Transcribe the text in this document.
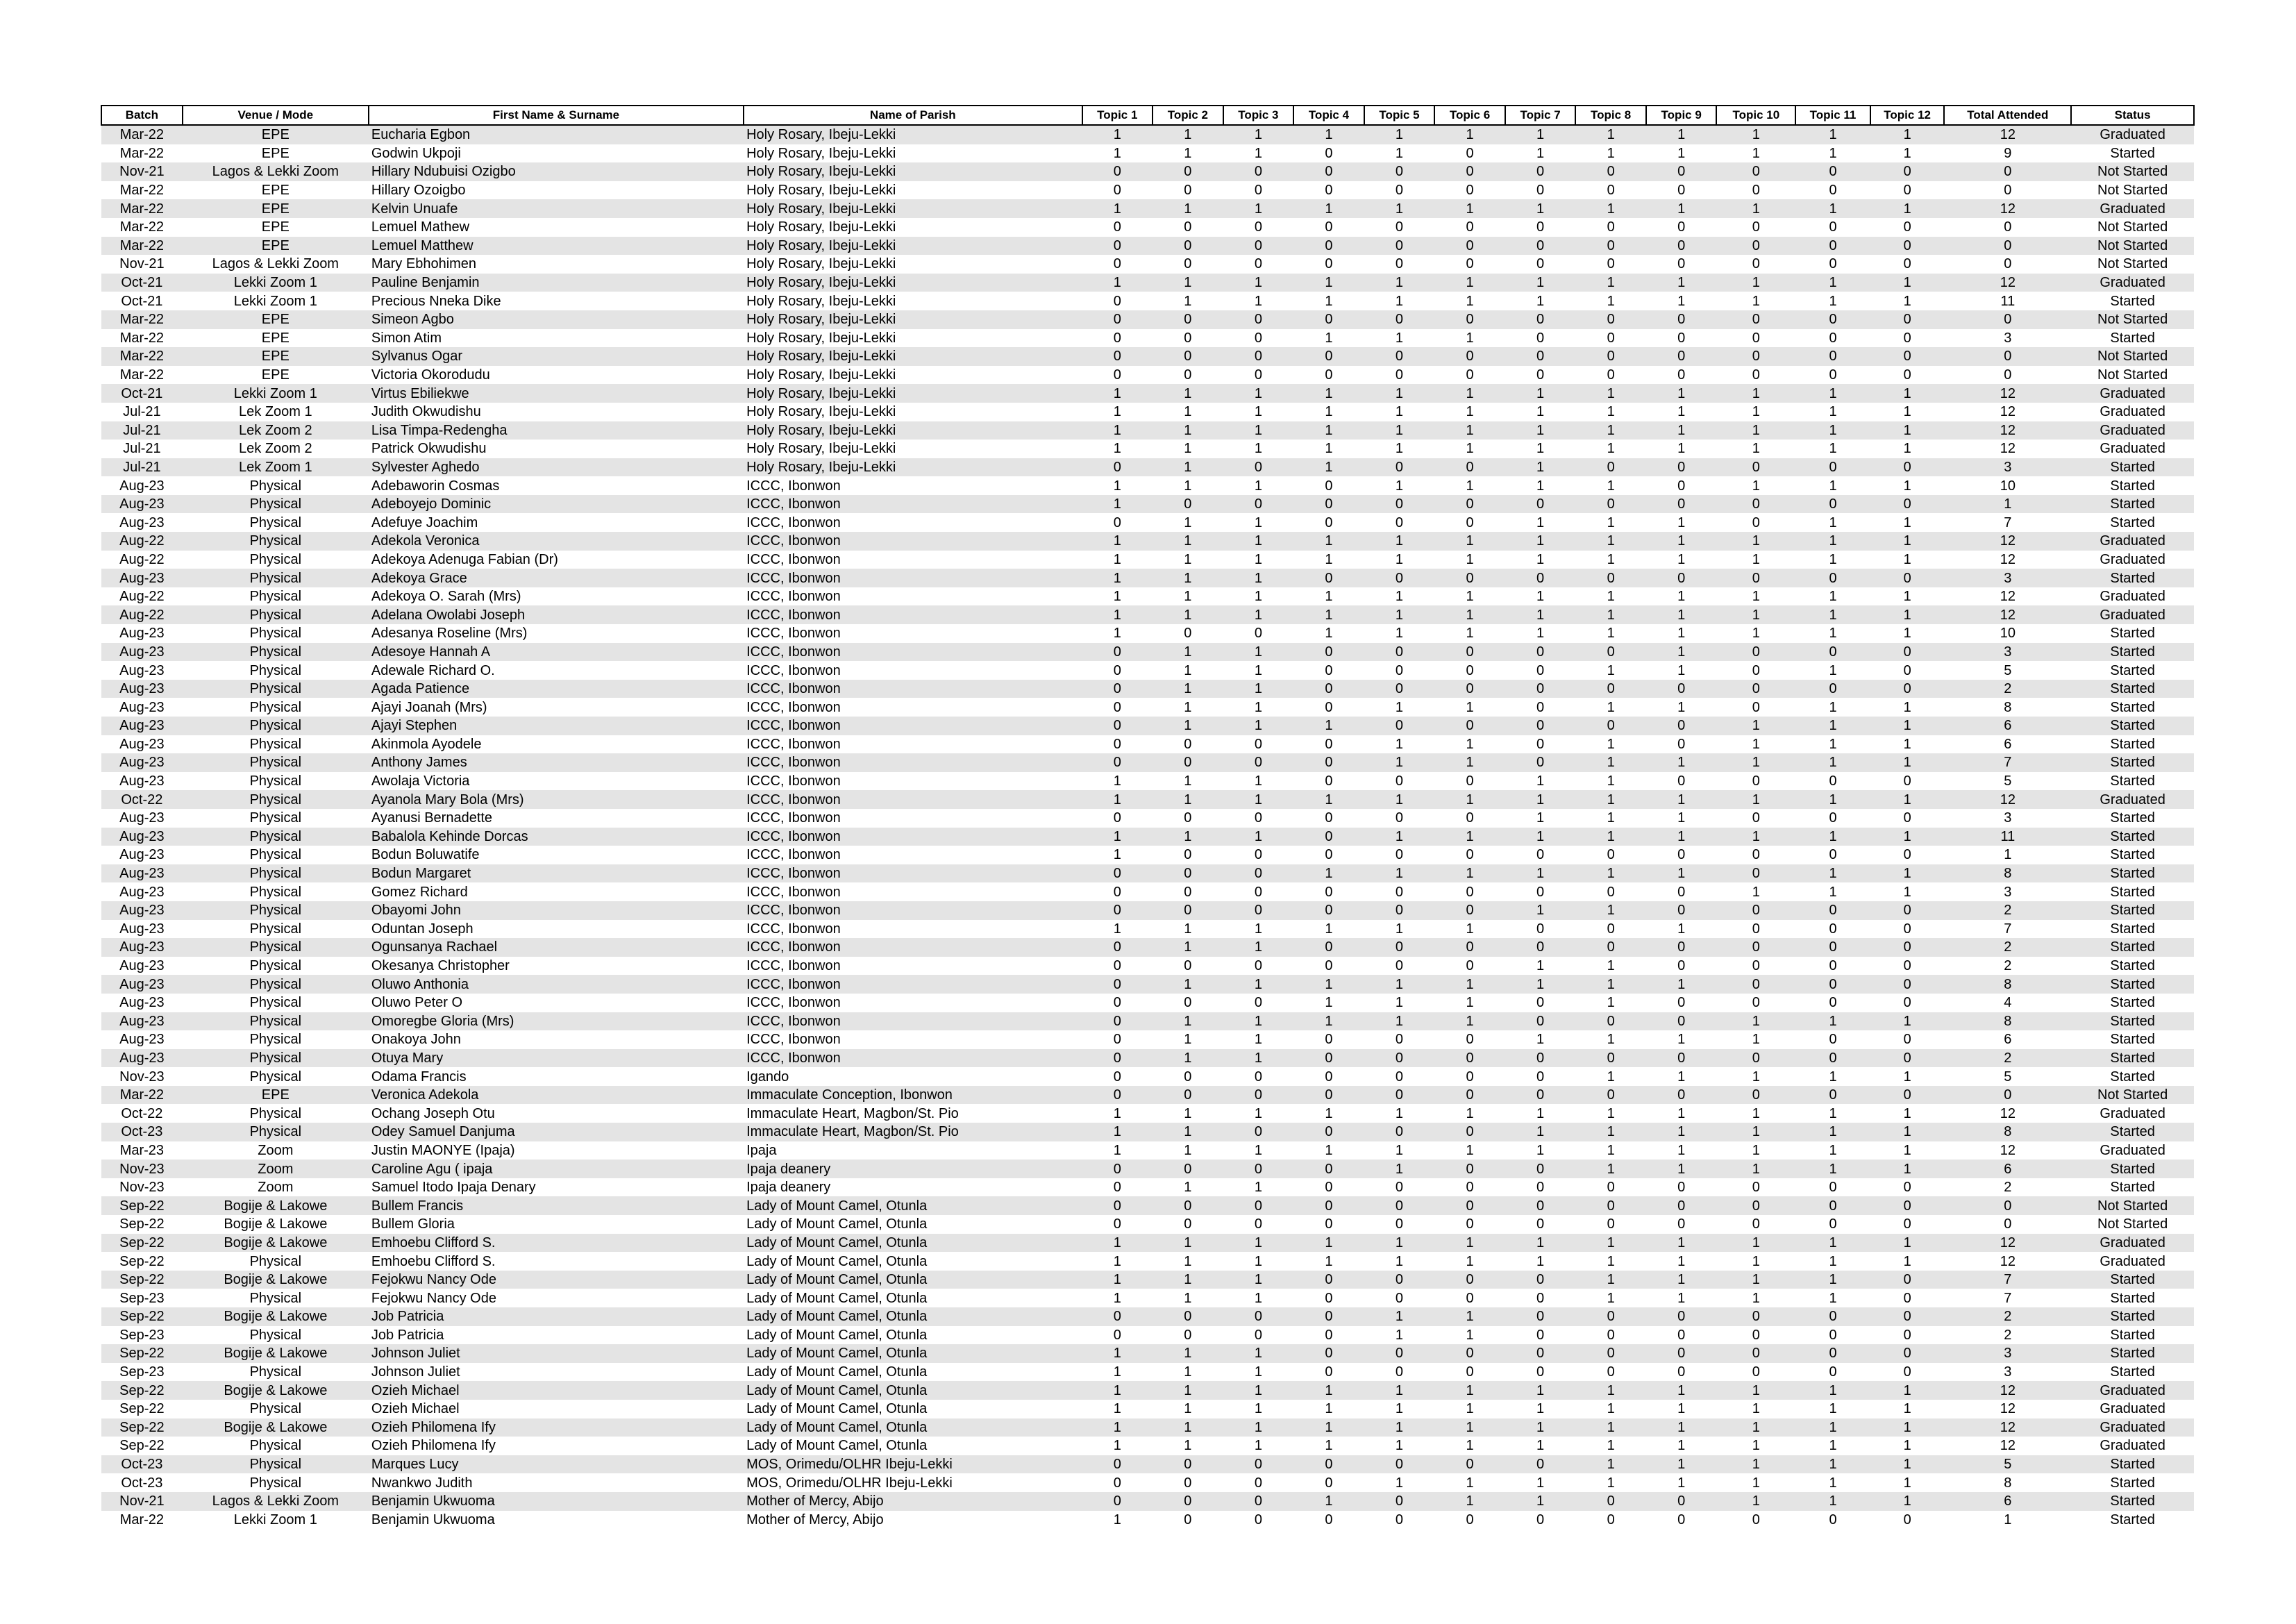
Batch	Venue / Mode	First Name & Surname	Name of Parish	Topic 1	Topic 2	Topic 3	Topic 4	Topic 5	Topic 6	Topic 7	Topic 8	Topic 9	Topic 10	Topic 11	Topic 12	Total Attended	Status
Mar-22	EPE	Eucharia Egbon	Holy Rosary, Ibeju-Lekki	1	1	1	1	1	1	1	1	1	1	1	1	12	Graduated
Mar-22	EPE	Godwin Ukpoji	Holy Rosary, Ibeju-Lekki	1	1	1	0	1	0	1	1	1	1	1	1	9	Started
Nov-21	Lagos & Lekki Zoom	Hillary Ndubuisi Ozigbo	Holy Rosary, Ibeju-Lekki	0	0	0	0	0	0	0	0	0	0	0	0	0	Not Started
Mar-22	EPE	Hillary Ozoigbo	Holy Rosary, Ibeju-Lekki	0	0	0	0	0	0	0	0	0	0	0	0	0	Not Started
Mar-22	EPE	Kelvin Unuafe	Holy Rosary, Ibeju-Lekki	1	1	1	1	1	1	1	1	1	1	1	1	12	Graduated
Mar-22	EPE	Lemuel Mathew	Holy Rosary, Ibeju-Lekki	0	0	0	0	0	0	0	0	0	0	0	0	0	Not Started
Mar-22	EPE	Lemuel Matthew	Holy Rosary, Ibeju-Lekki	0	0	0	0	0	0	0	0	0	0	0	0	0	Not Started
Nov-21	Lagos & Lekki Zoom	Mary Ebhohimen	Holy Rosary, Ibeju-Lekki	0	0	0	0	0	0	0	0	0	0	0	0	0	Not Started
Oct-21	Lekki Zoom 1	Pauline Benjamin	Holy Rosary, Ibeju-Lekki	1	1	1	1	1	1	1	1	1	1	1	1	12	Graduated
Oct-21	Lekki Zoom 1	Precious Nneka Dike	Holy Rosary, Ibeju-Lekki	0	1	1	1	1	1	1	1	1	1	1	1	11	Started
Mar-22	EPE	Simeon Agbo	Holy Rosary, Ibeju-Lekki	0	0	0	0	0	0	0	0	0	0	0	0	0	Not Started
Mar-22	EPE	Simon Atim	Holy Rosary, Ibeju-Lekki	0	0	0	1	1	1	0	0	0	0	0	0	3	Started
Mar-22	EPE	Sylvanus Ogar	Holy Rosary, Ibeju-Lekki	0	0	0	0	0	0	0	0	0	0	0	0	0	Not Started
Mar-22	EPE	Victoria Okorodudu	Holy Rosary, Ibeju-Lekki	0	0	0	0	0	0	0	0	0	0	0	0	0	Not Started
Oct-21	Lekki Zoom 1	Virtus Ebiliekwe	Holy Rosary, Ibeju-Lekki	1	1	1	1	1	1	1	1	1	1	1	1	12	Graduated
Jul-21	Lek Zoom 1	Judith Okwudishu	Holy Rosary, Ibeju-Lekki	1	1	1	1	1	1	1	1	1	1	1	1	12	Graduated
Jul-21	Lek Zoom 2	Lisa Timpa-Redengha	Holy Rosary, Ibeju-Lekki	1	1	1	1	1	1	1	1	1	1	1	1	12	Graduated
Jul-21	Lek Zoom 2	Patrick Okwudishu	Holy Rosary, Ibeju-Lekki	1	1	1	1	1	1	1	1	1	1	1	1	12	Graduated
Jul-21	Lek Zoom 1	Sylvester Aghedo	Holy Rosary, Ibeju-Lekki	0	1	0	1	0	0	1	0	0	0	0	0	3	Started
Aug-23	Physical	Adebaworin Cosmas	ICCC, Ibonwon	1	1	1	0	1	1	1	1	0	1	1	1	10	Started
Aug-23	Physical	Adeboyejo Dominic	ICCC, Ibonwon	1	0	0	0	0	0	0	0	0	0	0	0	1	Started
Aug-23	Physical	Adefuye Joachim	ICCC, Ibonwon	0	1	1	0	0	0	1	1	1	0	1	1	7	Started
Aug-22	Physical	Adekola Veronica	ICCC, Ibonwon	1	1	1	1	1	1	1	1	1	1	1	1	12	Graduated
Aug-22	Physical	Adekoya Adenuga Fabian (Dr)	ICCC, Ibonwon	1	1	1	1	1	1	1	1	1	1	1	1	12	Graduated
Aug-23	Physical	Adekoya Grace	ICCC, Ibonwon	1	1	1	0	0	0	0	0	0	0	0	0	3	Started
Aug-22	Physical	Adekoya O. Sarah (Mrs)	ICCC, Ibonwon	1	1	1	1	1	1	1	1	1	1	1	1	12	Graduated
Aug-22	Physical	Adelana Owolabi Joseph	ICCC, Ibonwon	1	1	1	1	1	1	1	1	1	1	1	1	12	Graduated
Aug-23	Physical	Adesanya Roseline (Mrs)	ICCC, Ibonwon	1	0	0	1	1	1	1	1	1	1	1	1	10	Started
Aug-23	Physical	Adesoye Hannah A	ICCC, Ibonwon	0	1	1	0	0	0	0	0	1	0	0	0	3	Started
Aug-23	Physical	Adewale Richard O.	ICCC, Ibonwon	0	1	1	0	0	0	0	1	1	0	1	0	5	Started
Aug-23	Physical	Agada Patience	ICCC, Ibonwon	0	1	1	0	0	0	0	0	0	0	0	0	2	Started
Aug-23	Physical	Ajayi Joanah (Mrs)	ICCC, Ibonwon	0	1	1	0	1	1	0	1	1	0	1	1	8	Started
Aug-23	Physical	Ajayi Stephen	ICCC, Ibonwon	0	1	1	1	0	0	0	0	0	1	1	1	6	Started
Aug-23	Physical	Akinmola Ayodele	ICCC, Ibonwon	0	0	0	0	1	1	0	1	0	1	1	1	6	Started
Aug-23	Physical	Anthony James	ICCC, Ibonwon	0	0	0	0	1	1	0	1	1	1	1	1	7	Started
Aug-23	Physical	Awolaja Victoria	ICCC, Ibonwon	1	1	1	0	0	0	1	1	0	0	0	0	5	Started
Oct-22	Physical	Ayanola Mary Bola (Mrs)	ICCC, Ibonwon	1	1	1	1	1	1	1	1	1	1	1	1	12	Graduated
Aug-23	Physical	Ayanusi Bernadette	ICCC, Ibonwon	0	0	0	0	0	0	1	1	1	0	0	0	3	Started
Aug-23	Physical	Babalola Kehinde Dorcas	ICCC, Ibonwon	1	1	1	0	1	1	1	1	1	1	1	1	11	Started
Aug-23	Physical	Bodun Boluwatife	ICCC, Ibonwon	1	0	0	0	0	0	0	0	0	0	0	0	1	Started
Aug-23	Physical	Bodun Margaret	ICCC, Ibonwon	0	0	0	1	1	1	1	1	1	0	1	1	8	Started
Aug-23	Physical	Gomez Richard	ICCC, Ibonwon	0	0	0	0	0	0	0	0	0	1	1	1	3	Started
Aug-23	Physical	Obayomi John	ICCC, Ibonwon	0	0	0	0	0	0	1	1	0	0	0	0	2	Started
Aug-23	Physical	Oduntan Joseph	ICCC, Ibonwon	1	1	1	1	1	1	0	0	1	0	0	0	7	Started
Aug-23	Physical	Ogunsanya Rachael	ICCC, Ibonwon	0	1	1	0	0	0	0	0	0	0	0	0	2	Started
Aug-23	Physical	Okesanya Christopher	ICCC, Ibonwon	0	0	0	0	0	0	1	1	0	0	0	0	2	Started
Aug-23	Physical	Oluwo Anthonia	ICCC, Ibonwon	0	1	1	1	1	1	1	1	1	0	0	0	8	Started
Aug-23	Physical	Oluwo Peter O	ICCC, Ibonwon	0	0	0	1	1	1	0	1	0	0	0	0	4	Started
Aug-23	Physical	Omoregbe Gloria (Mrs)	ICCC, Ibonwon	0	1	1	1	1	1	0	0	0	1	1	1	8	Started
Aug-23	Physical	Onakoya John	ICCC, Ibonwon	0	1	1	0	0	0	1	1	1	1	0	0	6	Started
Aug-23	Physical	Otuya Mary	ICCC, Ibonwon	0	1	1	0	0	0	0	0	0	0	0	0	2	Started
Nov-23	Physical	Odama Francis	Igando	0	0	0	0	0	0	0	1	1	1	1	1	5	Started
Mar-22	EPE	Veronica Adekola	Immaculate Conception, Ibonwon	0	0	0	0	0	0	0	0	0	0	0	0	0	Not Started
Oct-22	Physical	Ochang Joseph Otu	Immaculate Heart, Magbon/St. Pio	1	1	1	1	1	1	1	1	1	1	1	1	12	Graduated
Oct-23	Physical	Odey Samuel Danjuma	Immaculate Heart, Magbon/St. Pio	1	1	0	0	0	0	1	1	1	1	1	1	8	Started
Mar-23	Zoom	Justin MAONYE (Ipaja)	Ipaja	1	1	1	1	1	1	1	1	1	1	1	1	12	Graduated
Nov-23	Zoom	Caroline Agu ( ipaja	Ipaja deanery	0	0	0	0	1	0	0	1	1	1	1	1	6	Started
Nov-23	Zoom	Samuel Itodo Ipaja Denary	Ipaja deanery	0	1	1	0	0	0	0	0	0	0	0	0	2	Started
Sep-22	Bogije & Lakowe	Bullem Francis	Lady of Mount Camel, Otunla	0	0	0	0	0	0	0	0	0	0	0	0	0	Not Started
Sep-22	Bogije & Lakowe	Bullem Gloria	Lady of Mount Camel, Otunla	0	0	0	0	0	0	0	0	0	0	0	0	0	Not Started
Sep-22	Bogije & Lakowe	Emhoebu Clifford S.	Lady of Mount Camel, Otunla	1	1	1	1	1	1	1	1	1	1	1	1	12	Graduated
Sep-22	Physical	Emhoebu Clifford S.	Lady of Mount Camel, Otunla	1	1	1	1	1	1	1	1	1	1	1	1	12	Graduated
Sep-22	Bogije & Lakowe	Fejokwu Nancy Ode	Lady of Mount Camel, Otunla	1	1	1	0	0	0	0	1	1	1	1	0	7	Started
Sep-23	Physical	Fejokwu Nancy Ode	Lady of Mount Camel, Otunla	1	1	1	0	0	0	0	1	1	1	1	0	7	Started
Sep-22	Bogije & Lakowe	Job Patricia	Lady of Mount Camel, Otunla	0	0	0	0	1	1	0	0	0	0	0	0	2	Started
Sep-23	Physical	Job Patricia	Lady of Mount Camel, Otunla	0	0	0	0	1	1	0	0	0	0	0	0	2	Started
Sep-22	Bogije & Lakowe	Johnson Juliet	Lady of Mount Camel, Otunla	1	1	1	0	0	0	0	0	0	0	0	0	3	Started
Sep-23	Physical	Johnson Juliet	Lady of Mount Camel, Otunla	1	1	1	0	0	0	0	0	0	0	0	0	3	Started
Sep-22	Bogije & Lakowe	Ozieh Michael	Lady of Mount Camel, Otunla	1	1	1	1	1	1	1	1	1	1	1	1	12	Graduated
Sep-22	Physical	Ozieh Michael	Lady of Mount Camel, Otunla	1	1	1	1	1	1	1	1	1	1	1	1	12	Graduated
Sep-22	Bogije & Lakowe	Ozieh Philomena Ify	Lady of Mount Camel, Otunla	1	1	1	1	1	1	1	1	1	1	1	1	12	Graduated
Sep-22	Physical	Ozieh Philomena Ify	Lady of Mount Camel, Otunla	1	1	1	1	1	1	1	1	1	1	1	1	12	Graduated
Oct-23	Physical	Marques Lucy	MOS, Orimedu/OLHR Ibeju-Lekki	0	0	0	0	0	0	0	1	1	1	1	1	5	Started
Oct-23	Physical	Nwankwo Judith	MOS, Orimedu/OLHR Ibeju-Lekki	0	0	0	0	1	1	1	1	1	1	1	1	8	Started
Nov-21	Lagos & Lekki Zoom	Benjamin Ukwuoma	Mother of Mercy, Abijo	0	0	0	1	0	1	1	0	0	1	1	1	6	Started
Mar-22	Lekki Zoom 1	Benjamin Ukwuoma	Mother of Mercy, Abijo	1	0	0	0	0	0	0	0	0	0	0	0	1	Started
